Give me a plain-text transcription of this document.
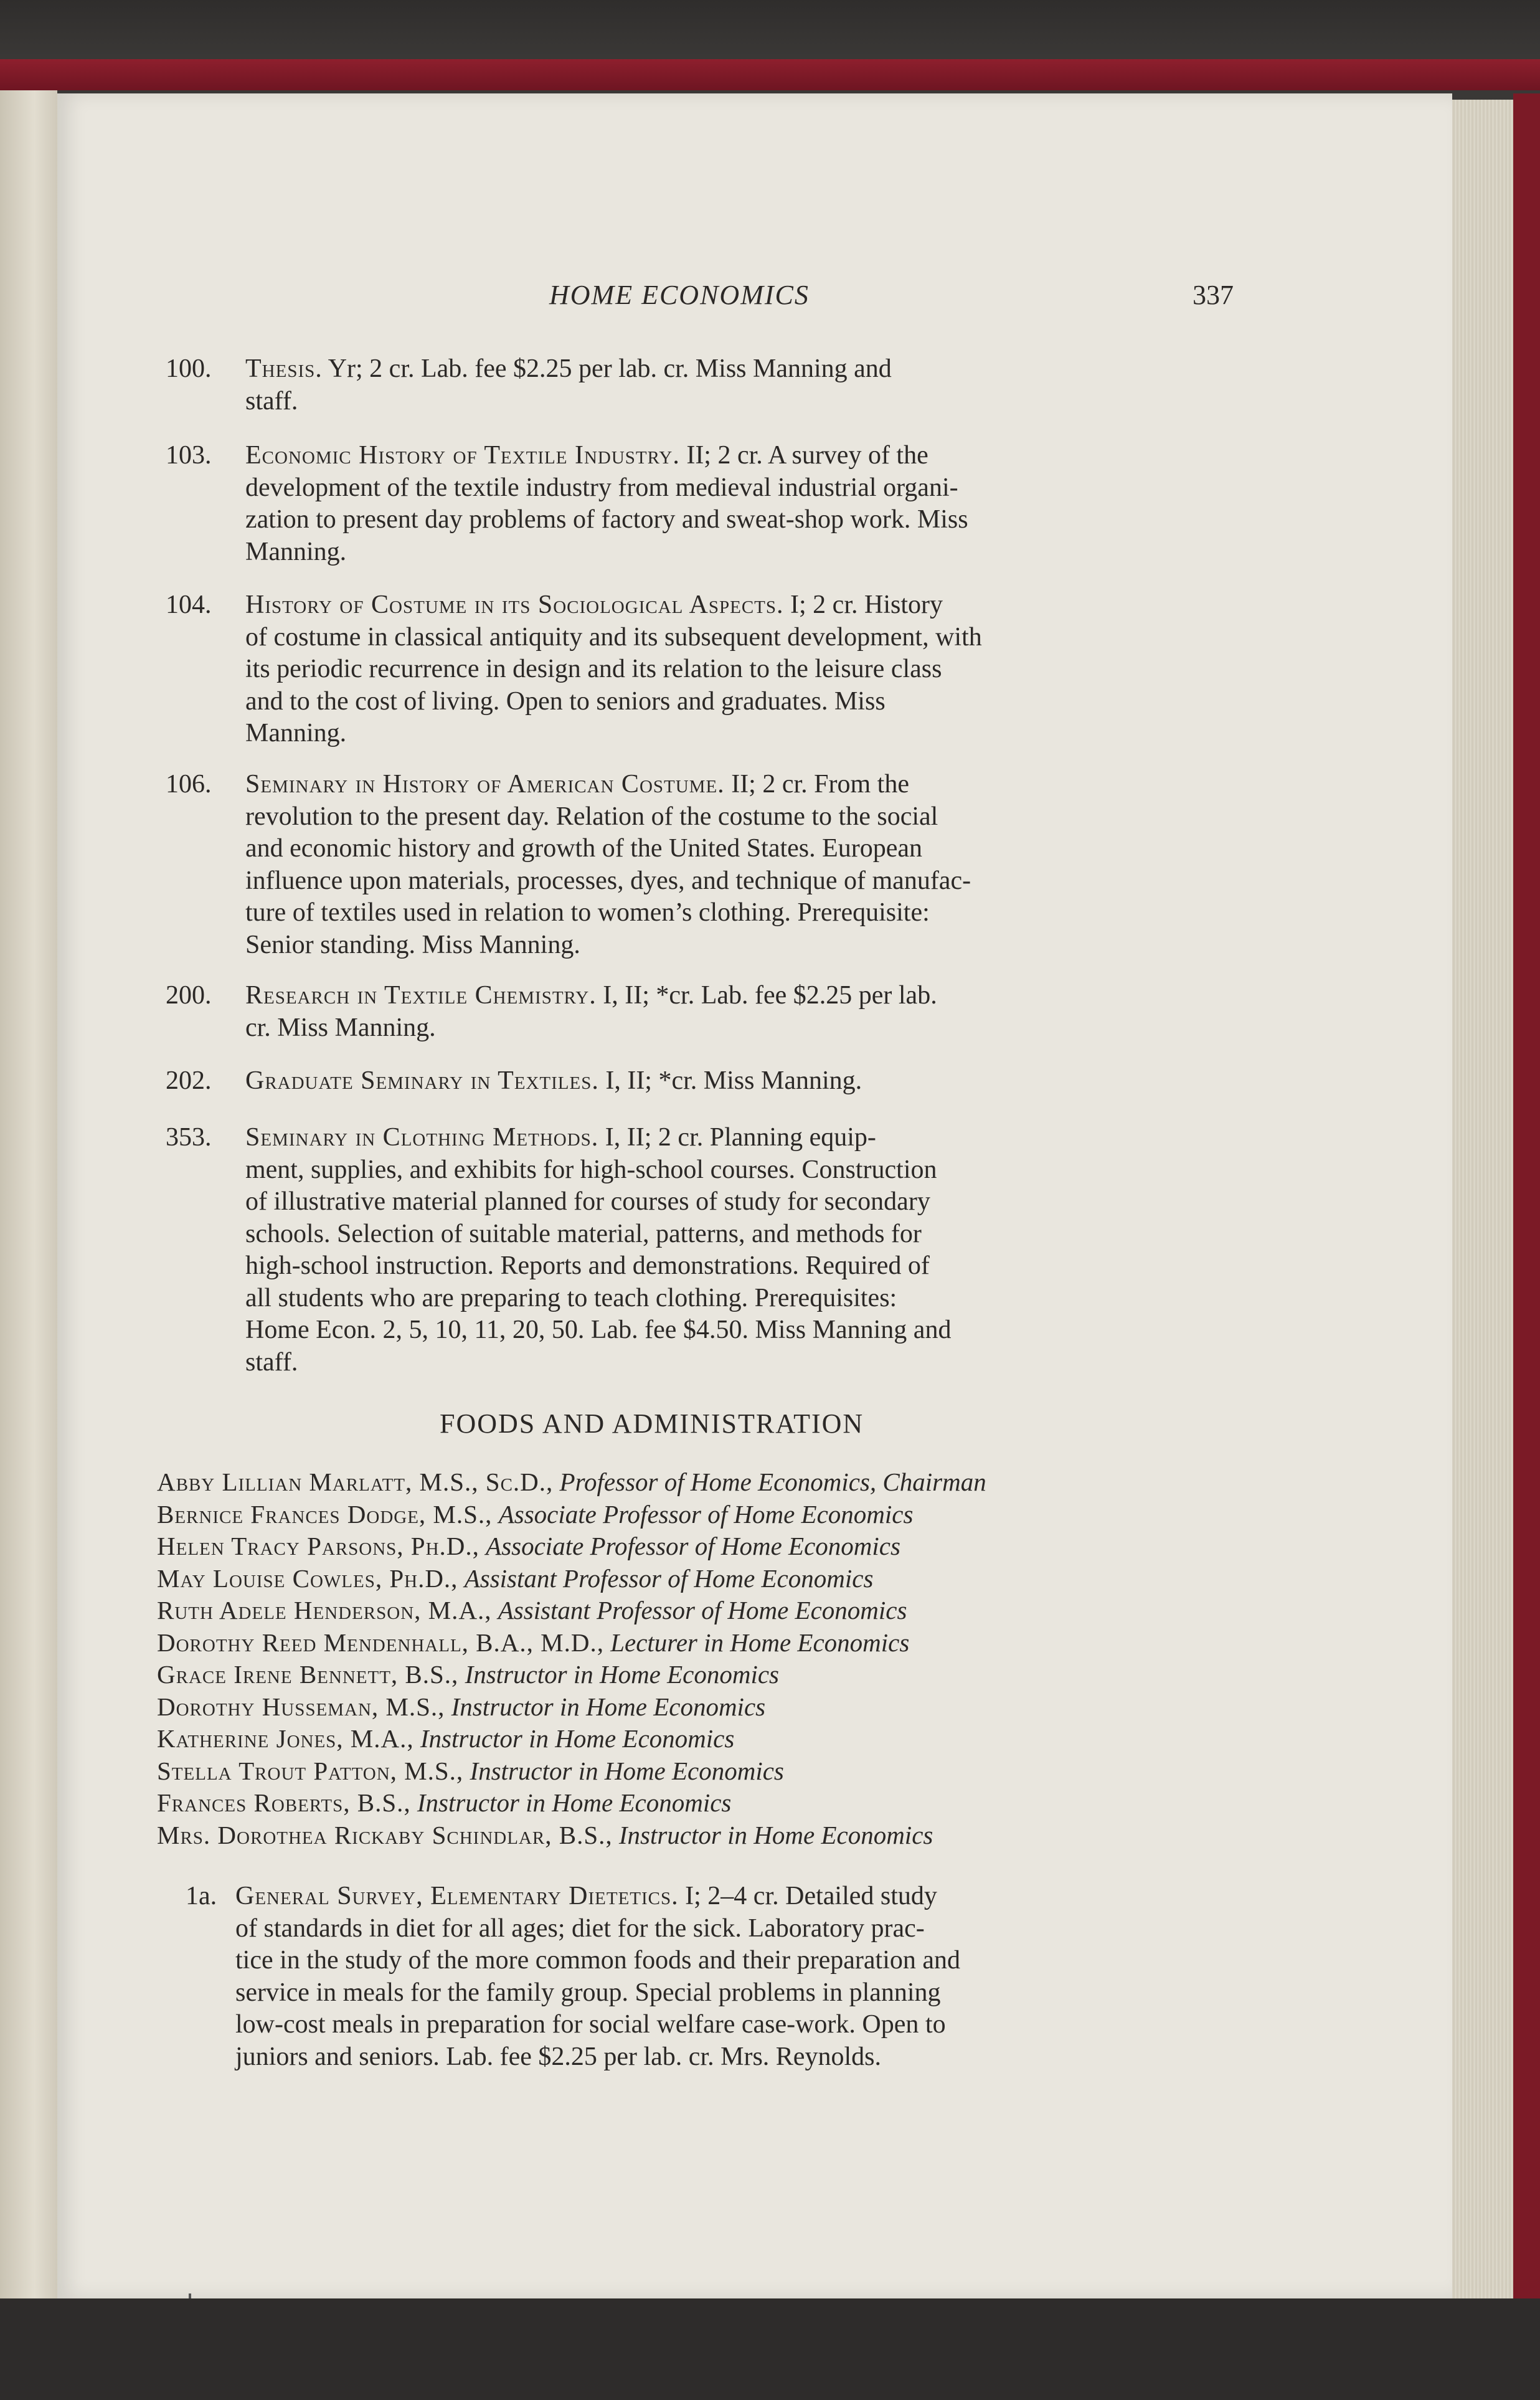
HOME ECONOMICS	337
100. Thesis. Yr; 2 cr. Lab. fee $2.25 per lab. cr. Miss Manning and
staff.
103. Economic History of Textile Industry. II; 2 cr. A survey of the
development of the textile industry from medieval industrial organi-
zation to present day problems of factory and sweat-shop work. Miss
Manning.
104. History of Costume in its Sociological Aspects. I; 2 cr. History
of costume in classical antiquity and its subsequent development, with
its periodic recurrence in design and its relation to the leisure class
and to the cost of living. Open to seniors and graduates. Miss
Manning.
106. Seminary in History of American Costume. II; 2 cr. From the
revolution to the present day. Relation of the costume to the social
and economic history and growth of the United States. European
influence upon materials, processes, dyes, and technique of manufac-
ture of textiles used in relation to women’s clothing. Prerequisite:
Senior standing. Miss Manning.
200. Research in Textile Chemistry. I, II; *cr. Lab. fee $2.25 per lab.
cr. Miss Manning.
202. Graduate Seminary in Textiles. I, II; *cr. Miss Manning.
353. Seminary in Clothing Methods. I, II; 2 cr. Planning equip-
ment, supplies, and exhibits for high-school courses. Construction
of illustrative material planned for courses of study for secondary
schools. Selection of suitable material, patterns, and methods for
high-school instruction. Reports and demonstrations. Required of
all students who are preparing to teach clothing. Prerequisites:
Home Econ. 2, 5, 10, 11, 20, 50. Lab. fee $4.50. Miss Manning and
staff.
FOODS AND ADMINISTRATION
Abby Lillian Marlatt, M.S., Sc.D., Professor of Home Economics, Chairman
Bernice Frances Dodge, M.S., Associate Professor of Home Economics
Helen Tracy Parsons, Ph.D., Associate Professor of Home Economics
May Louise Cowles, Ph.D., Assistant Professor of Home Economics
Ruth Adele Henderson, M.A., Assistant Professor of Home Economics
Dorothy Reed Mendenhall, B.A., M.D., Lecturer in Home Economics
Grace Irene Bennett, B.S., Instructor in Home Economics
Dorothy Husseman, M.S., Instructor in Home Economics
Katherine Jones, M.A., Instructor in Home Economics
Stella Trout Patton, M.S., Instructor in Home Economics
Frances Roberts, B.S., Instructor in Home Economics
Mrs. Dorothea Rickaby Schindlar, B.S., Instructor in Home Economics
1a. General Survey, Elementary Dietetics. I; 2–4 cr. Detailed study
of standards in diet for all ages; diet for the sick. Laboratory prac-
tice in the study of the more common foods and their preparation and
service in meals for the family group. Special problems in planning
low-cost meals in preparation for social welfare case-work. Open to
juniors and seniors. Lab. fee $2.25 per lab. cr. Mrs. Reynolds.
